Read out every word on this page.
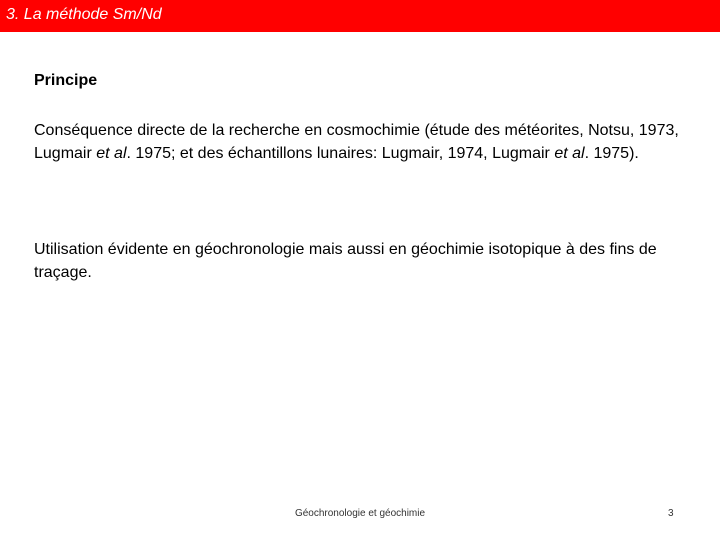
3. La méthode Sm/Nd
Principe
Conséquence directe de la recherche en cosmochimie (étude des météorites, Notsu, 1973, Lugmair et al. 1975; et des échantillons lunaires: Lugmair, 1974, Lugmair et al. 1975).
Utilisation évidente en géochronologie mais aussi en géochimie isotopique à des fins de traçage.
Géochronologie et géochimie	3
